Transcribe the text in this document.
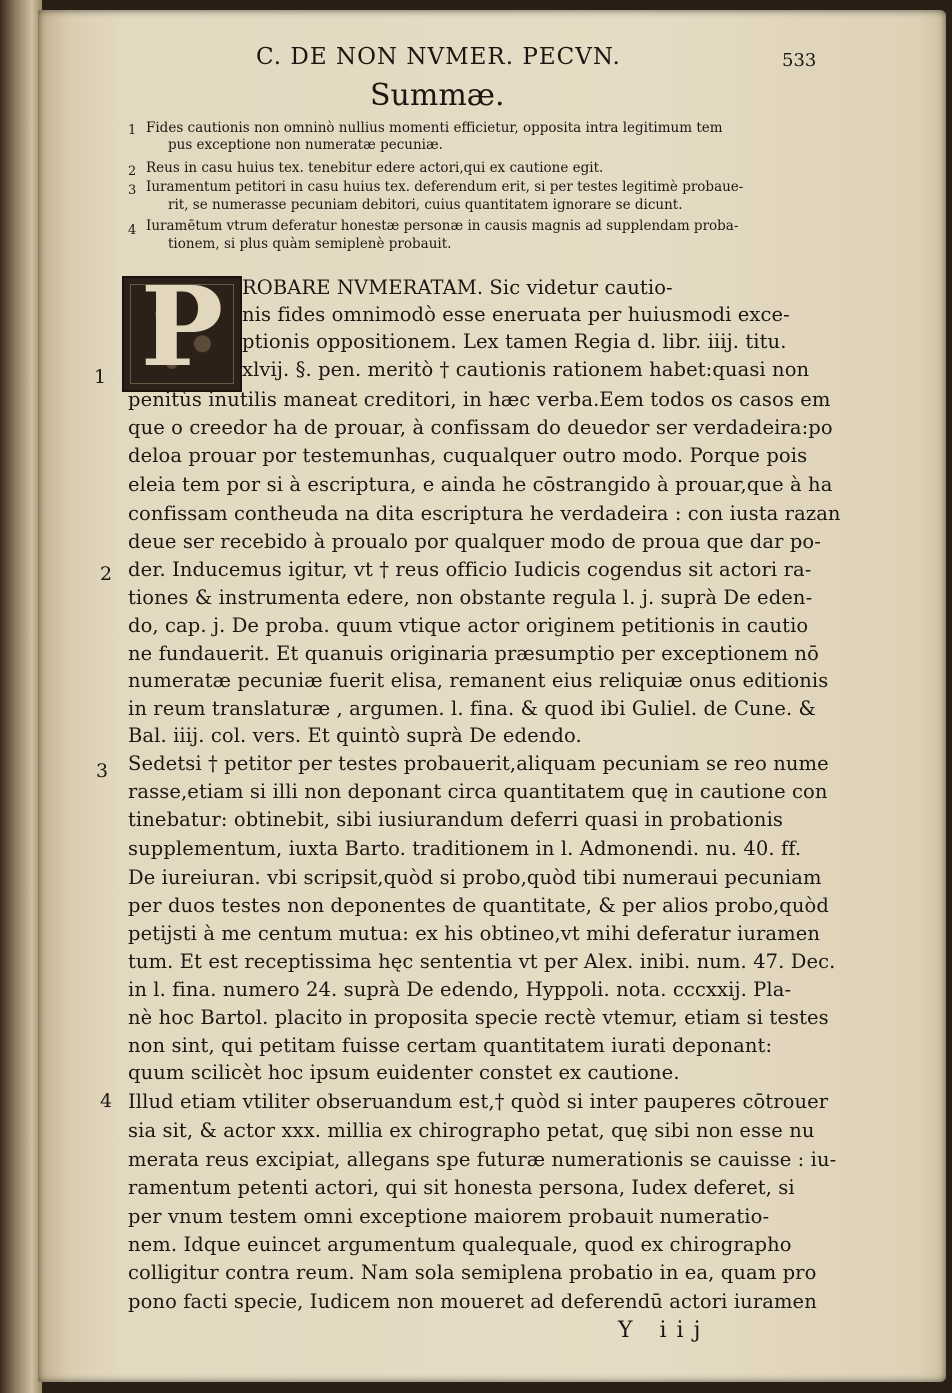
C. DE NON NVMER. PECVN.	533
Summæ.
1 Fides cautionis non omninò nullius momenti efficietur, opposita intra legitimum tem
pus exceptione non numeratæ pecuniæ.
2 Reus in casu huius tex. tenebitur edere actori,qui ex cautione egit.
3 Iuramentum petitori in casu huius tex. deferendum erit, si per testes legitimè probaue-
rit, se numerasse pecuniam debitori, cuius quantitatem ignorare se dicunt.
4 Iuramētum vtrum deferatur honestæ personæ in causis magnis ad supplendam proba-
tionem, si plus quàm semiplenè probauit.
P ROBARE NVMERATAM. Sic videtur cautio-
nis fides omnimodò esse eneruata per huiusmodi exce-
ptionis oppositionem. Lex tamen Regia d. libr. iiij. titu.
xlvij. §. pen. meritò † cautionis rationem habet:quasi non
penitùs inutilis maneat creditori, in hæc verba.Eem todos os casos em
que o creedor ha de prouar, à confissam do deuedor ser verdadeira:po
deloa prouar por testemunhas, cuqualquer outro modo. Porque pois
eleia tem por si à escriptura, e ainda he cōstrangido à prouar,que à ha
confissam contheuda na dita escriptura he verdadeira : con iusta razan
deue ser recebido à proualo por qualquer modo de proua que dar po-
der. Inducemus igitur, vt † reus officio Iudicis cogendus sit actori ra-
tiones & instrumenta edere, non obstante regula l. j. suprà De eden-
do, cap. j. De proba. quum vtique actor originem petitionis in cautio
ne fundauerit. Et quanuis originaria præsumptio per exceptionem nō
numeratæ pecuniæ fuerit elisa, remanent eius reliquiæ onus editionis
in reum translaturæ , argumen. l. fina. & quod ibi Guliel. de Cune. &
Bal. iiij. col. vers. Et quintò suprà De edendo.
Sedetsi † petitor per testes probauerit,aliquam pecuniam se reo nume
rasse,etiam si illi non deponant circa quantitatem quę in cautione con
tinebatur: obtinebit, sibi iusiurandum deferri quasi in probationis
supplementum, iuxta Barto. traditionem in l. Admonendi. nu. 40. ff.
De iureiuran. vbi scripsit,quòd si probo,quòd tibi numeraui pecuniam
per duos testes non deponentes de quantitate, & per alios probo,quòd
petijsti à me centum mutua: ex his obtineo,vt mihi deferatur iuramen
tum. Et est receptissima hęc sententia vt per Alex. inibi. num. 47. Dec.
in l. fina. numero 24. suprà De edendo, Hyppoli. nota. cccxxij. Pla-
nè hoc Bartol. placito in proposita specie rectè vtemur, etiam si testes
non sint, qui petitam fuisse certam quantitatem iurati deponant:
quum scilicèt hoc ipsum euidenter constet ex cautione.
Illud etiam vtiliter obseruandum est,† quòd si inter pauperes cōtrouer
sia sit, & actor xxx. millia ex chirographo petat, quę sibi non esse nu
merata reus excipiat, allegans spe futuræ numerationis se cauisse : iu-
ramentum petenti actori, qui sit honesta persona, Iudex deferet, si
per vnum testem omni exceptione maiorem probauit numeratio-
nem. Idque euincet argumentum qualequale, quod ex chirographo
colligitur contra reum. Nam sola semiplena probatio in ea, quam pro
pono facti specie, Iudicem non moueret ad deferendū actori iuramen
1
2
3
4
Y iij
